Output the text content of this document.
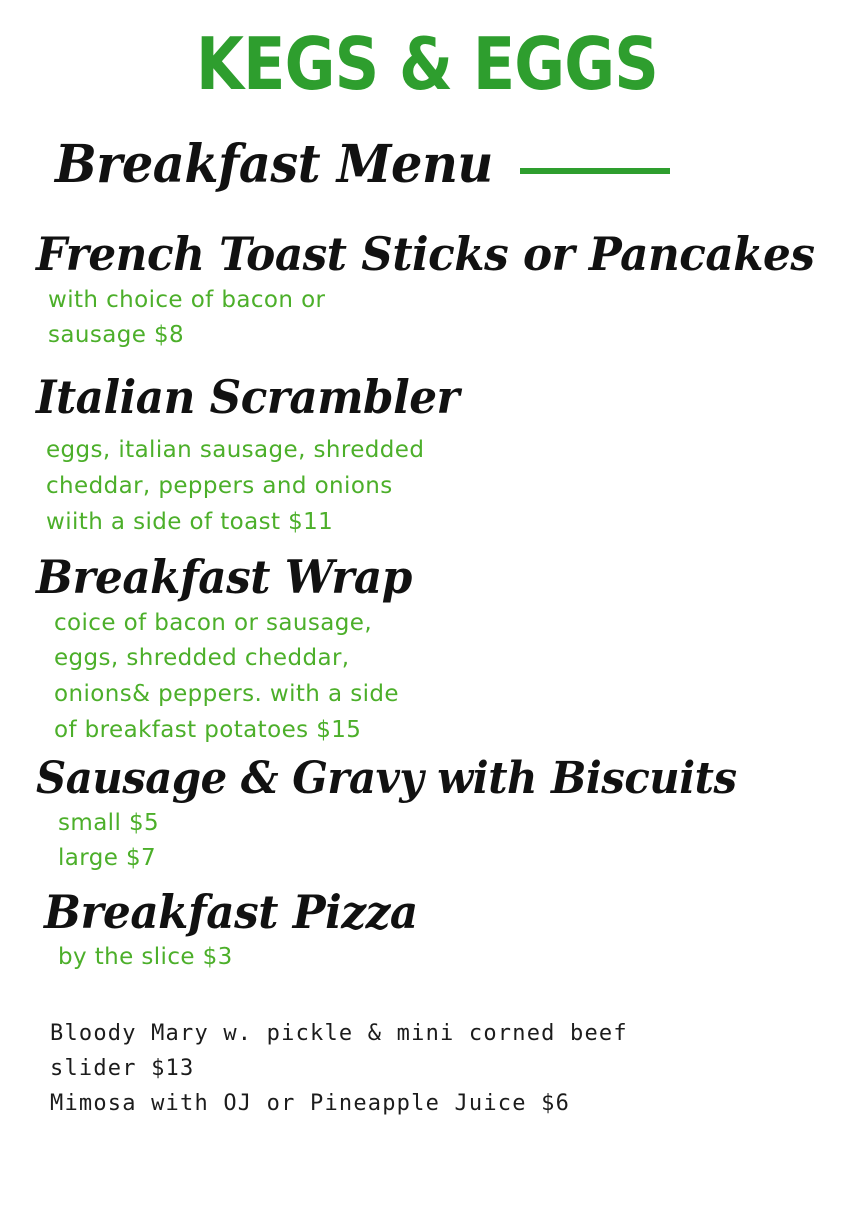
KEGS & EGGS
Breakfast Menu
French Toast Sticks or Pancakes
with choice of bacon or
sausage $8
Italian Scrambler
eggs, italian sausage, shredded
cheddar, peppers and onions
wiith a side of toast $11
Breakfast Wrap
coice of bacon or sausage,
eggs, shredded cheddar,
onions& peppers. with a side
of breakfast potatoes $15
Sausage & Gravy with Biscuits
small $5
large $7
Breakfast Pizza
by the slice $3
Bloody Mary w. pickle & mini corned beef
slider $13
Mimosa with OJ or Pineapple Juice $6
